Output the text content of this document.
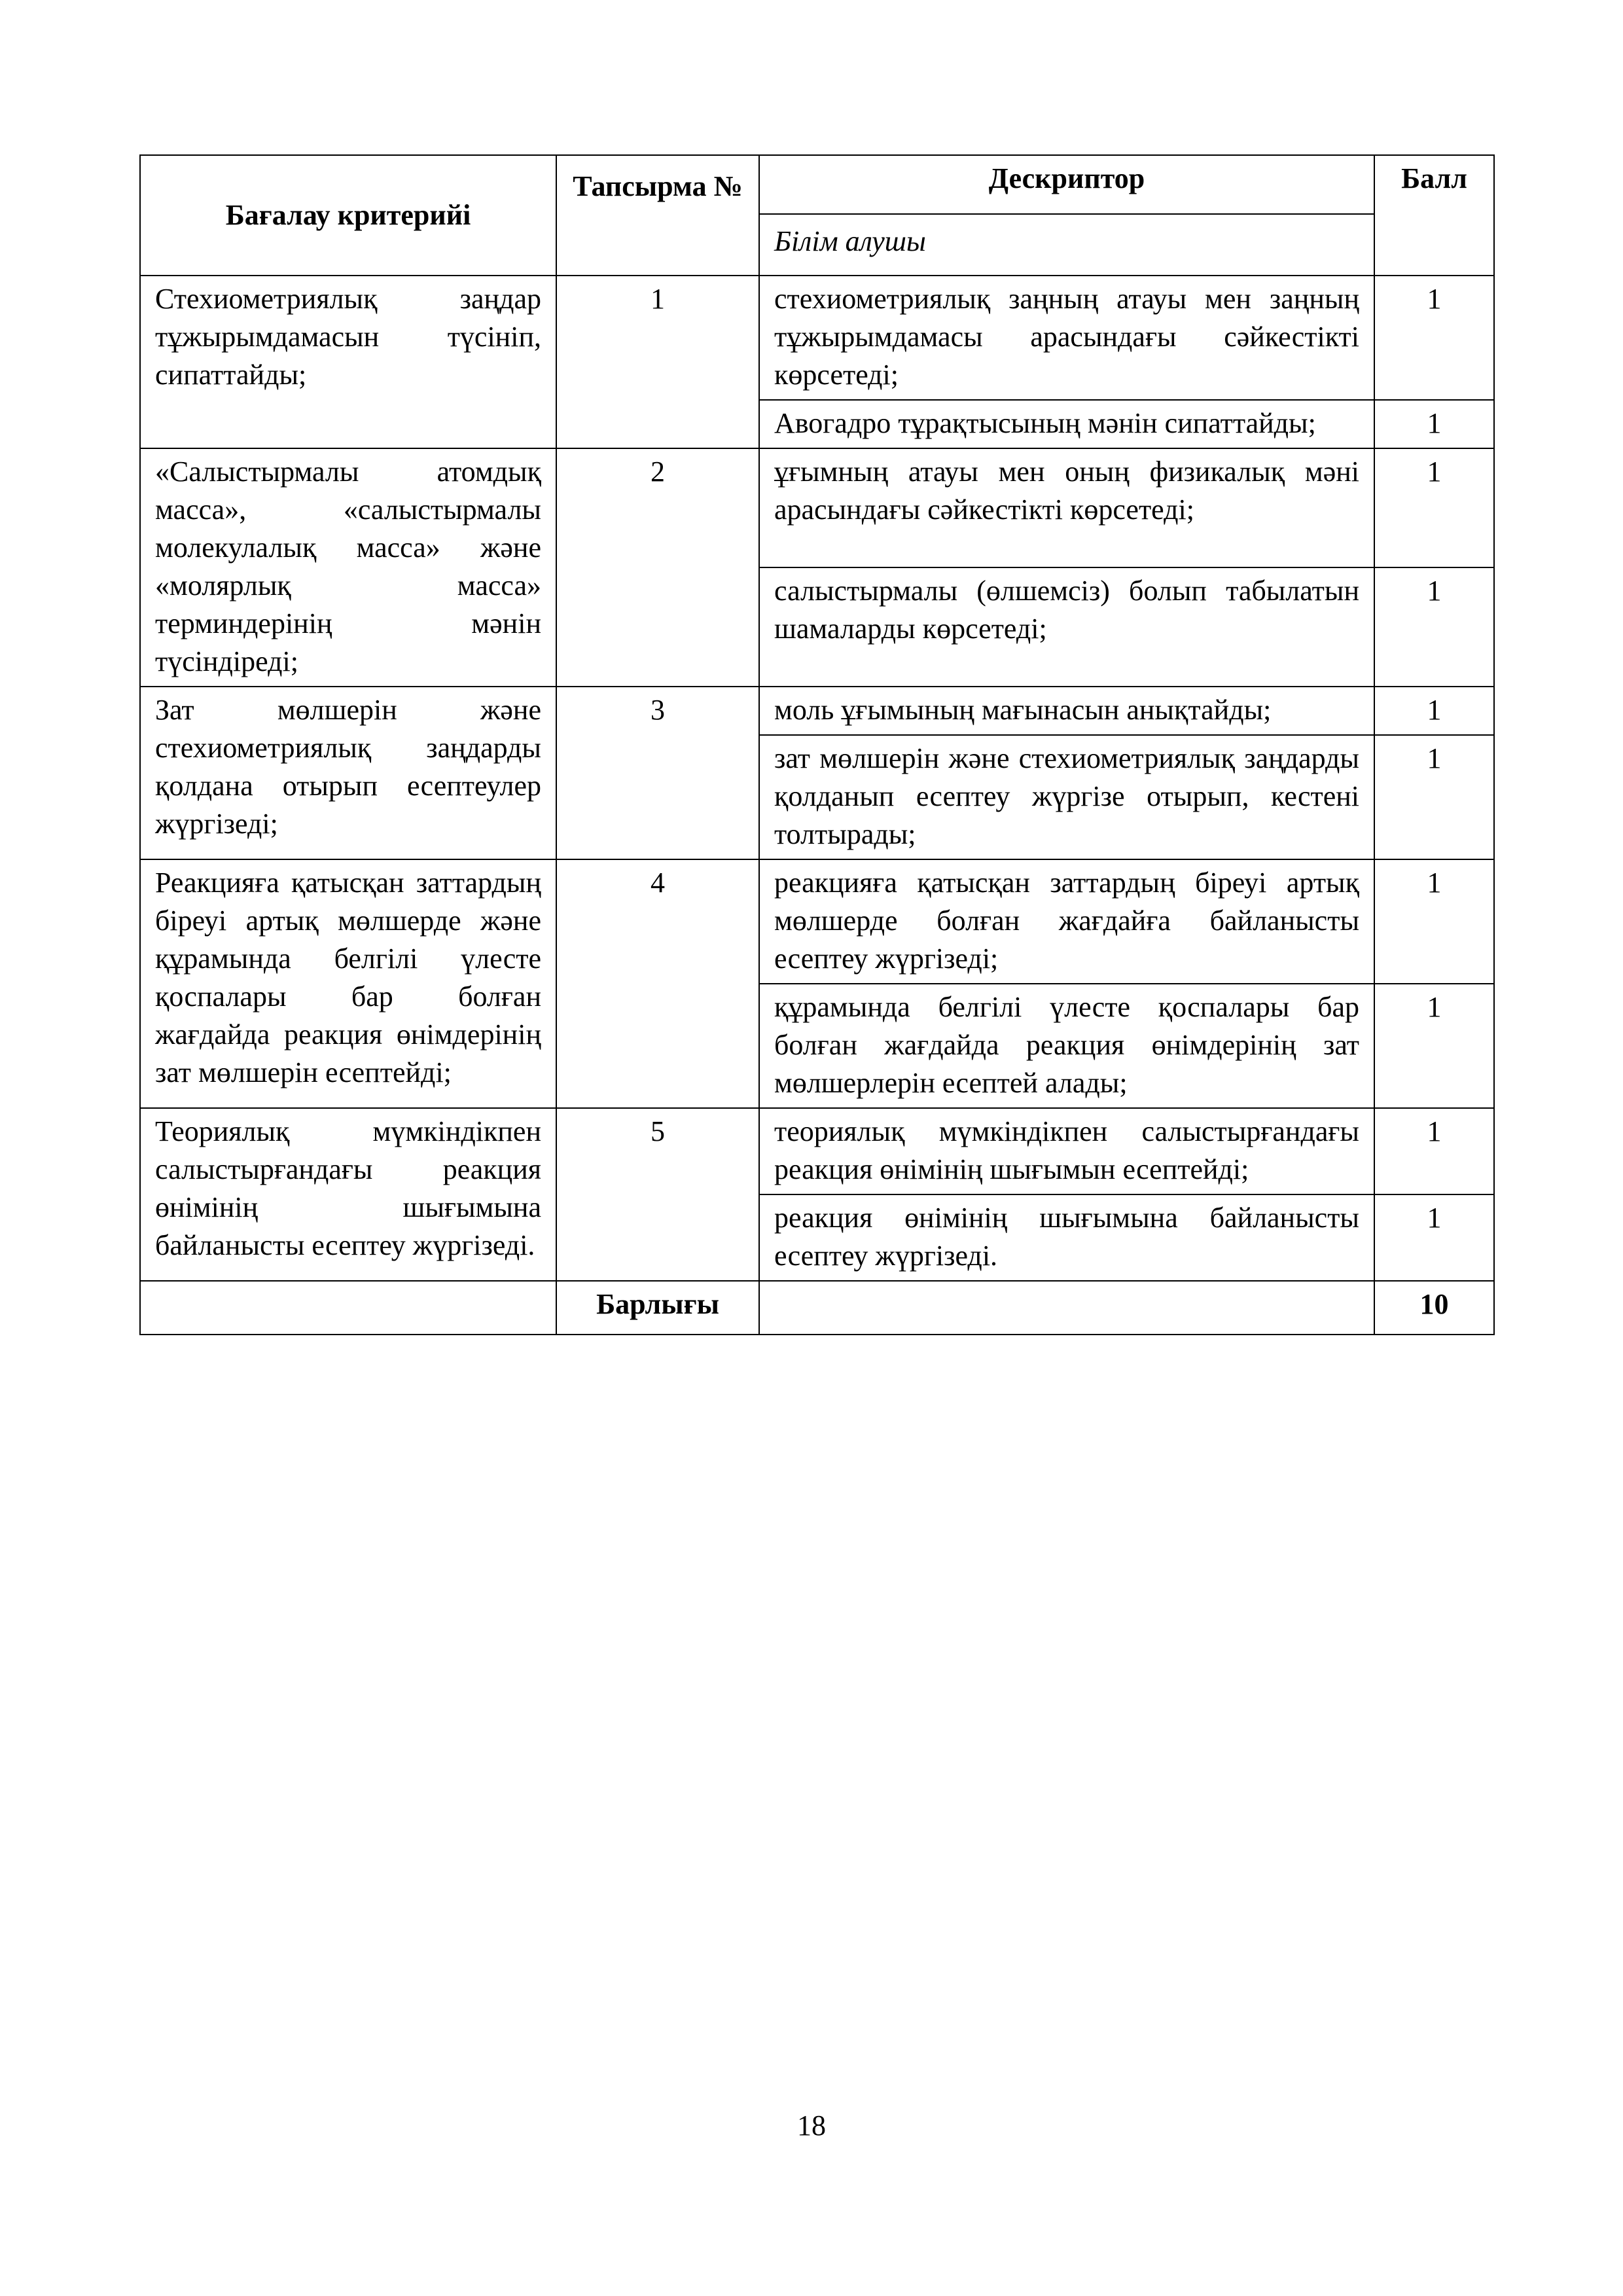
Бағалау критерийі	Тапсырма №	Дескриптор	Балл
		Білім алушы	
Стехиометриялық заңдар тұжырымдамасын түсініп, сипаттайды;	1	стехиометриялық заңның атауы мен заңның тұжырымдамасы арасындағы сәйкестікті көрсетеді;	1
		Авогадро тұрақтысының мәнін сипаттайды;	1
«Салыстырмалы атомдық масса», «салыстырмалы молекулалық масса» және «молярлық масса» терминдерінің мәнін түсіндіреді;	2	ұғымның атауы мен оның физикалық мәні арасындағы сәйкестікті көрсетеді;	1
		салыстырмалы (өлшемсіз) болып табылатын шамаларды көрсетеді;	1
Зат мөлшерін және стехиометриялық заңдарды қолдана отырып есептеулер жүргізеді;	3	моль ұғымының мағынасын анықтайды;	1
		зат мөлшерін және стехиометриялық заңдарды қолданып есептеу жүргізе отырып, кестені толтырады;	1
Реакцияға қатысқан заттардың біреуі артық мөлшерде және құрамында белгілі үлесте қоспалары бар болған жағдайда реакция өнімдерінің зат мөлшерін есептейді;	4	реакцияға қатысқан заттардың біреуі артық мөлшерде болған жағдайға байланысты есептеу жүргізеді;	1
		құрамында белгілі үлесте қоспалары бар болған жағдайда реакция өнімдерінің зат мөлшерлерін есептей алады;	1
Теориялық мүмкіндікпен салыстырғандағы реакция өнімінің шығымына байланысты есептеу жүргізеді.	5	теориялық мүмкіндікпен салыстырғандағы реакция өнімінің шығымын есептейді;	1
		реакция өнімінің шығымына байланысты есептеу жүргізеді.	1
	Барлығы		10
18
